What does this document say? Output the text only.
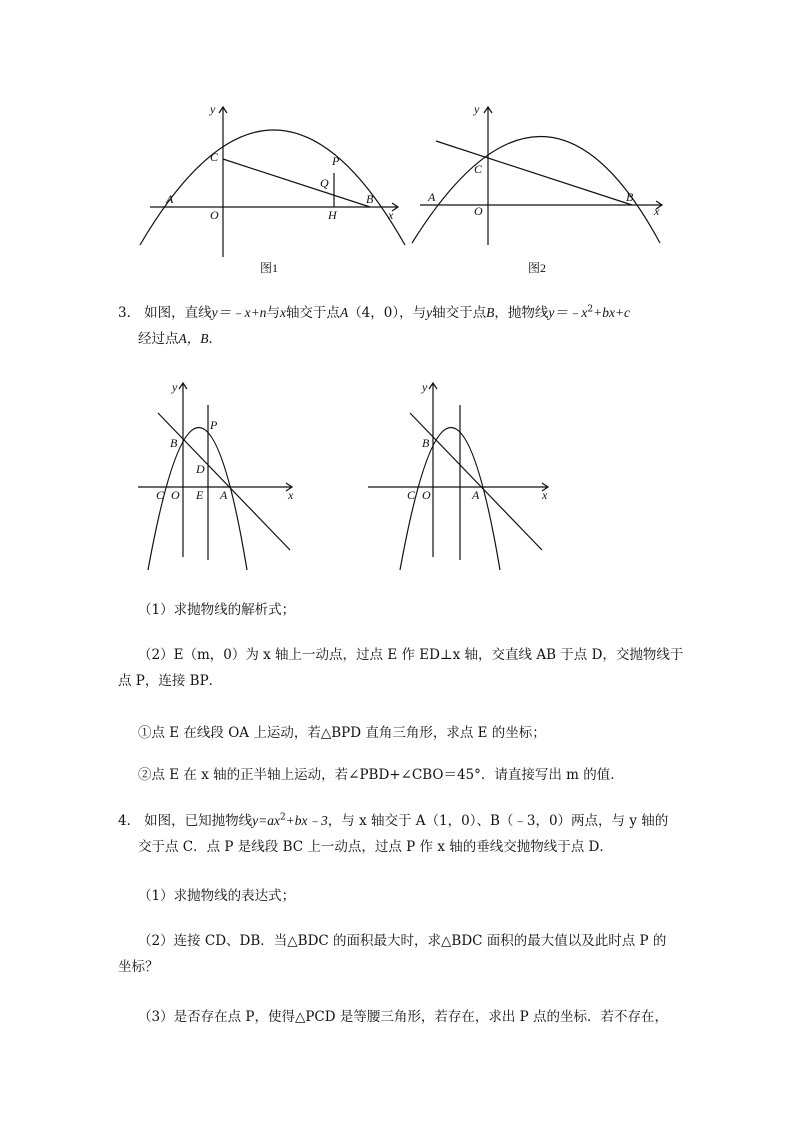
y
x
A
O
C	P
Q
H
B
图1
y
x
A
O
C
B
图2
3． 如图，直线y＝﹣x+n与x轴交于点A（4，0），与y轴交于点B，抛物线$y=﹣x^2+bx+c$
经过点A，B．
y
x
B
P
D
C O E A
y
x
B
C O	A
（1）求抛物线的解析式；
（2）E（m，0）为 x 轴上一动点，过点 E 作 ED⊥x 轴，交直线 AB 于点 D，交抛物线于
点 P，连接 BP．
①点 E 在线段 OA 上运动，若△BPD 直角三角形，求点 E 的坐标；
②点 E 在 x 轴的正半轴上运动，若∠PBD+∠CBO＝45°．请直接写出 m 的值．
4． 如图，已知抛物线$y=ax^2+bx﹣3$，与 x 轴交于 A（1，0）、B（﹣3，0）两点，与 y 轴的
交于点 C．点 P 是线段 BC 上一动点，过点 P 作 x 轴的垂线交抛物线于点 D．
（1）求抛物线的表达式；
（2）连接 CD、DB．当△BDC 的面积最大时，求△BDC 面积的最大值以及此时点 P 的
坐标？
（3）是否存在点 P，使得△PCD 是等腰三角形，若存在，求出 P 点的坐标．若不存在，
